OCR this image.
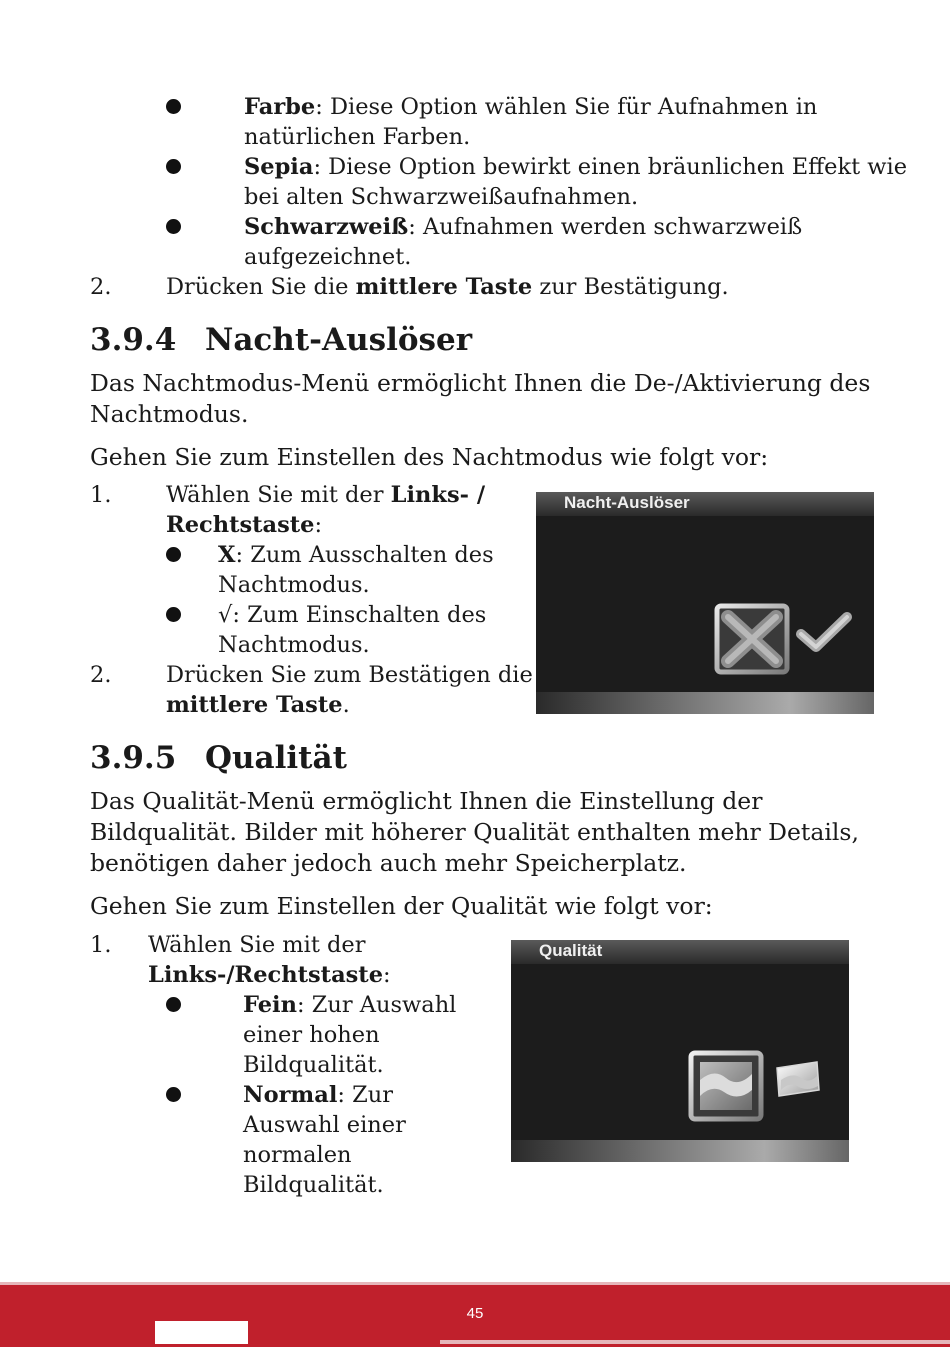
Farbe: Diese Option wählen Sie für Aufnahmen in
natürlichen Farben.
Sepia: Diese Option bewirkt einen bräunlichen Effekt wie
bei alten Schwarzweißaufnahmen.
Schwarzweiß: Aufnahmen werden schwarzweiß
aufgezeichnet.
2. Drücken Sie die mittlere Taste zur Bestätigung.
3.9.4 Nacht-Auslöser
Das Nachtmodus-Menü ermöglicht Ihnen die De-/Aktivierung des
Nachtmodus.
Gehen Sie zum Einstellen des Nachtmodus wie folgt vor:
1. Wählen Sie mit der Links- /
Rechtstaste:
X: Zum Ausschalten des
Nachtmodus.
√: Zum Einschalten des
Nachtmodus.
2. Drücken Sie zum Bestätigen die
mittlere Taste.
Nacht-Auslöser
3.9.5 Qualität
Das Qualität-Menü ermöglicht Ihnen die Einstellung der
Bildqualität. Bilder mit höherer Qualität enthalten mehr Details,
benötigen daher jedoch auch mehr Speicherplatz.
Gehen Sie zum Einstellen der Qualität wie folgt vor:
1. Wählen Sie mit der
Links-/Rechtstaste:
Fein: Zur Auswahl
einer hohen
Bildqualität.
Normal: Zur
Auswahl einer
normalen
Bildqualität.
Qualität
45
